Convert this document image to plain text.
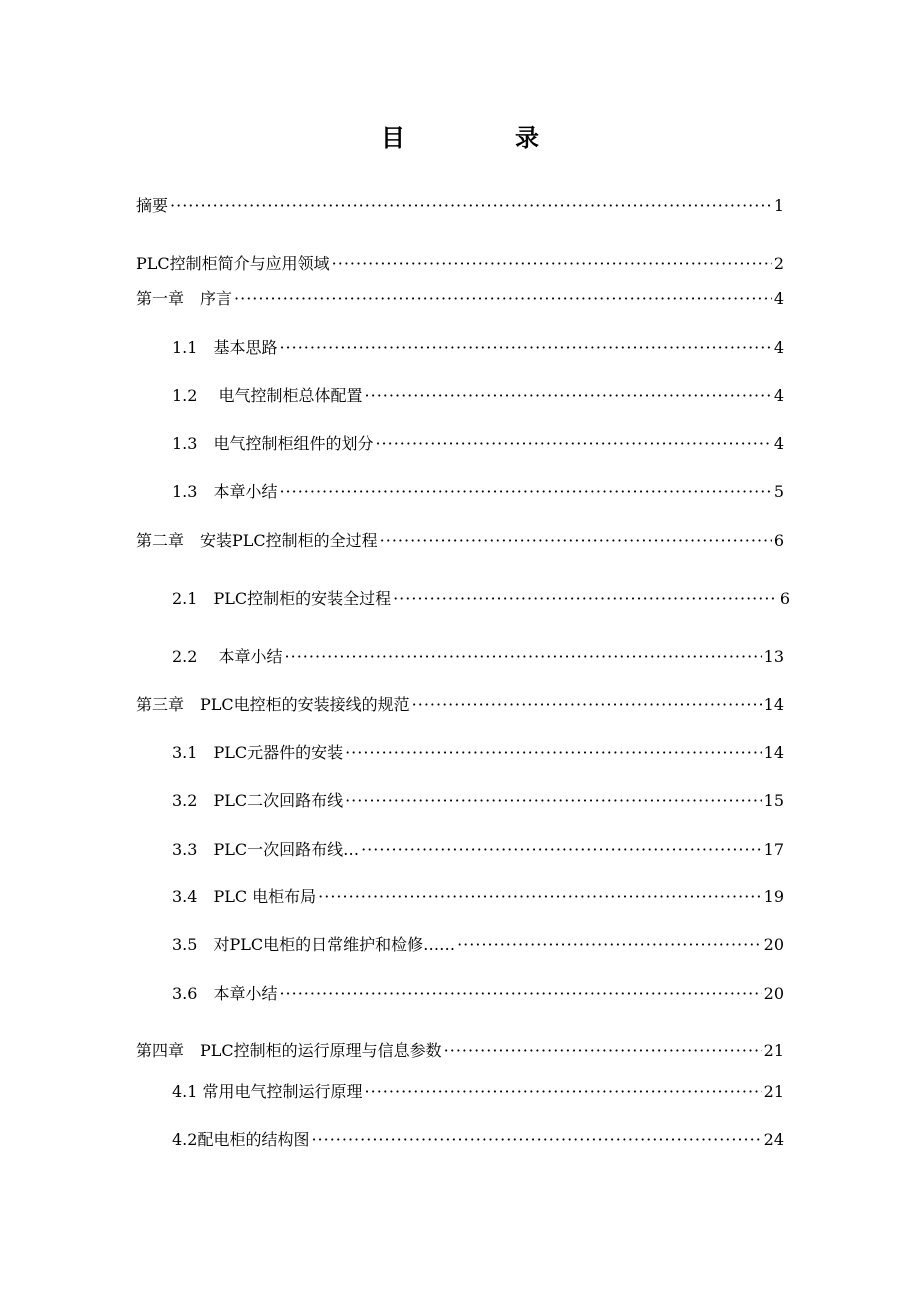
目	录
摘要 ·····	1
PLC控制柜简介与应用领域 ·····	2
第一章　序言 ·····	4
1.1　基本思路 ·····	4
1.2　 电气控制柜总体配置 ·····	4
1.3　电气控制柜组件的划分 ·····	4
1.3　本章小结 ·····	5
第二章　安装PLC控制柜的全过程 ·····	6
2.1　PLC控制柜的安装全过程 ·····	6
2.2　 本章小结 ·····	13
第三章　PLC电控柜的安装接线的规范 ·····	14
3.1　PLC元器件的安装 ·····	14
3.2　PLC二次回路布线 ·····	15
3.3　PLC一次回路布线… ·····	17
3.4　PLC 电柜布局 ·····	19
3.5　对PLC电柜的日常维护和检修…… ·····	20
3.6　本章小结 ·····	20
第四章　PLC控制柜的运行原理与信息参数 ·····	21
4.1 常用电气控制运行原理 ·····	21
4.2配电柜的结构图 ·····	24
